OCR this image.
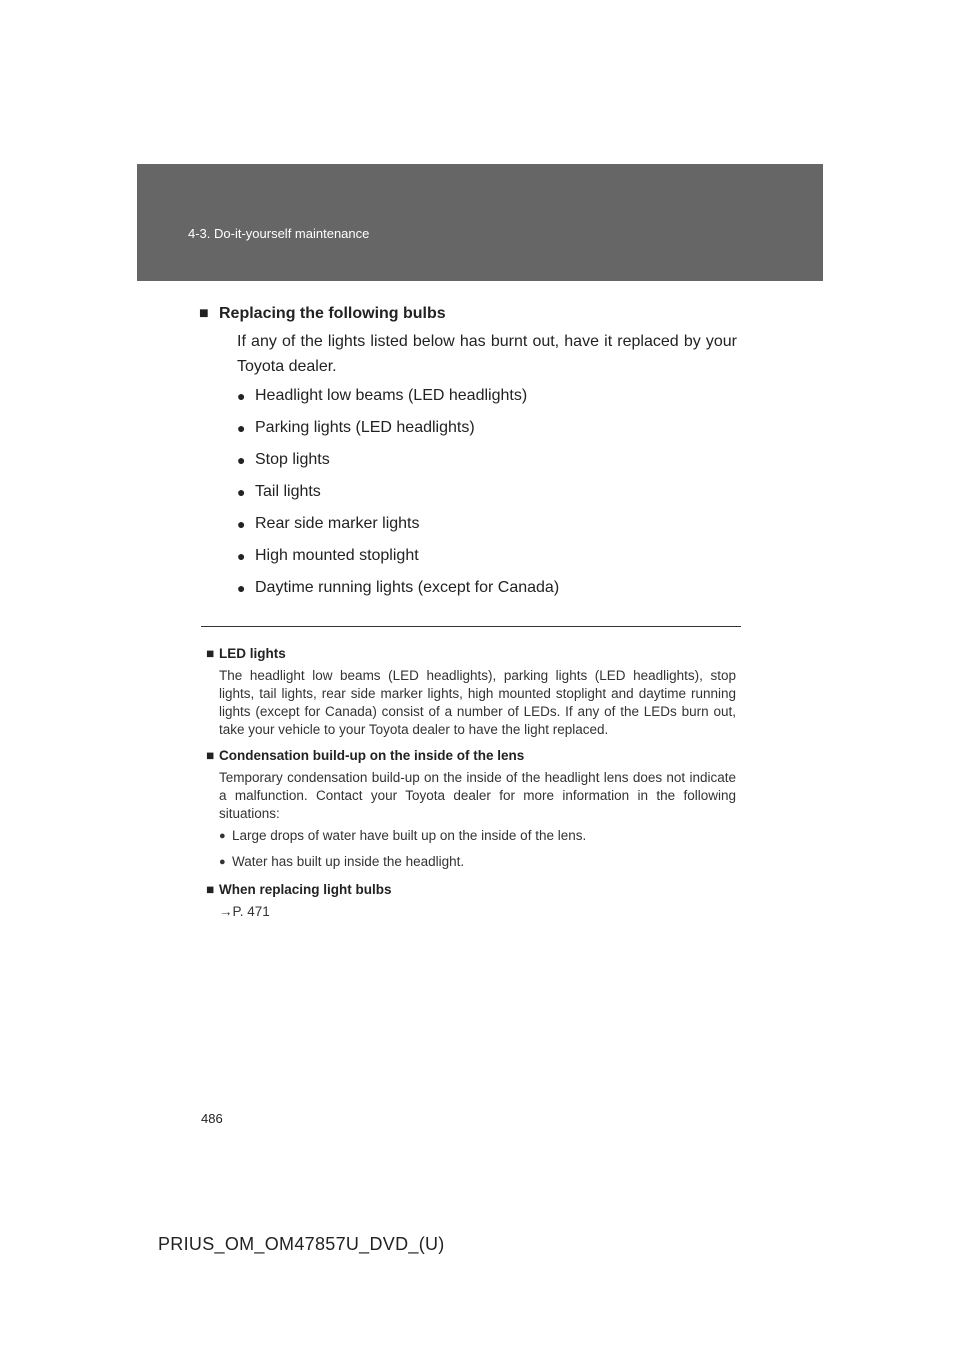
4-3. Do-it-yourself maintenance
■ Replacing the following bulbs

If any of the lights listed below has burnt out, have it replaced by your Toyota dealer.

● Headlight low beams (LED headlights)
● Parking lights (LED headlights)
● Stop lights
● Tail lights
● Rear side marker lights
● High mounted stoplight
● Daytime running lights (except for Canada)
■ LED lights

The headlight low beams (LED headlights), parking lights (LED headlights), stop lights, tail lights, rear side marker lights, high mounted stoplight and daytime running lights (except for Canada) consist of a number of LEDs. If any of the LEDs burn out, take your vehicle to your Toyota dealer to have the light replaced.

■ Condensation build-up on the inside of the lens

Temporary condensation build-up on the inside of the headlight lens does not indicate a malfunction. Contact your Toyota dealer for more information in the following situations:

● Large drops of water have built up on the inside of the lens.
● Water has built up inside the headlight.
■ When replacing light bulbs

→P. 471

486
PRIUS_OM_OM47857U_DVD_(U)
